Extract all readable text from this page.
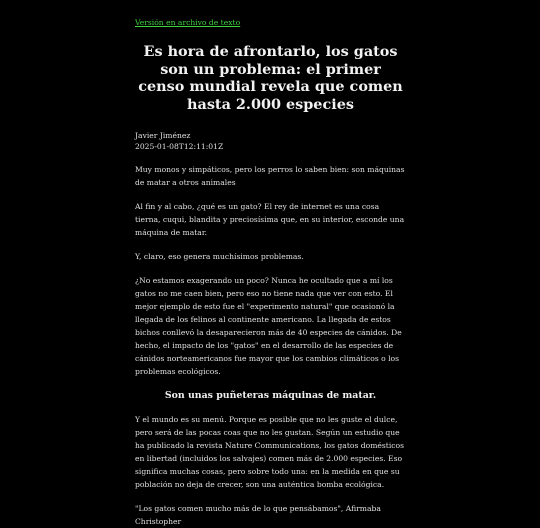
Versión en archivo de texto
Es hora de afrontarlo, los gatos son un problema: el primer censo mundial revela que comen hasta 2.000 especies
Javier Jiménez
2025-01-08T12:11:01Z

Muy monos y simpáticos, pero los perros lo saben bien: son máquinas de matar a otros animales

Al fin y al cabo, ¿qué es un gato? El rey de internet es una cosa tierna, cuqui, blandita y preciosísima que, en su interior, esconde una máquina de matar.

Y, claro, eso genera muchísimos problemas.

¿No estamos exagerando un poco? Nunca he ocultado que a mí los gatos no me caen bien, pero eso no tiene nada que ver con esto. El mejor ejemplo de esto fue el "experimento natural" que ocasionó la llegada de los felinos al continente americano. La llegada de estos bichos conllevó la desaparecieron más de 40 especies de cánidos. De hecho, el impacto de los "gatos" en el desarrollo de las especies de cánidos norteamericanos fue mayor que los cambios climáticos o los problemas ecológicos.

Son unas puñeteras máquinas de matar.

Y el mundo es su menú. Porque es posible que no les guste el dulce, pero será de las pocas coas que no les gustan. Según un estudio que ha publicado la revista Nature Communications, los gatos domésticos en libertad (incluidos los salvajes) comen más de 2.000 especies. Eso significa muchas cosas, pero sobre todo una: en la medida en que su población no deja de crecer, son una auténtica bomba ecológica.

"Los gatos comen mucho más de lo que pensábamos", Afirmaba Christopher
